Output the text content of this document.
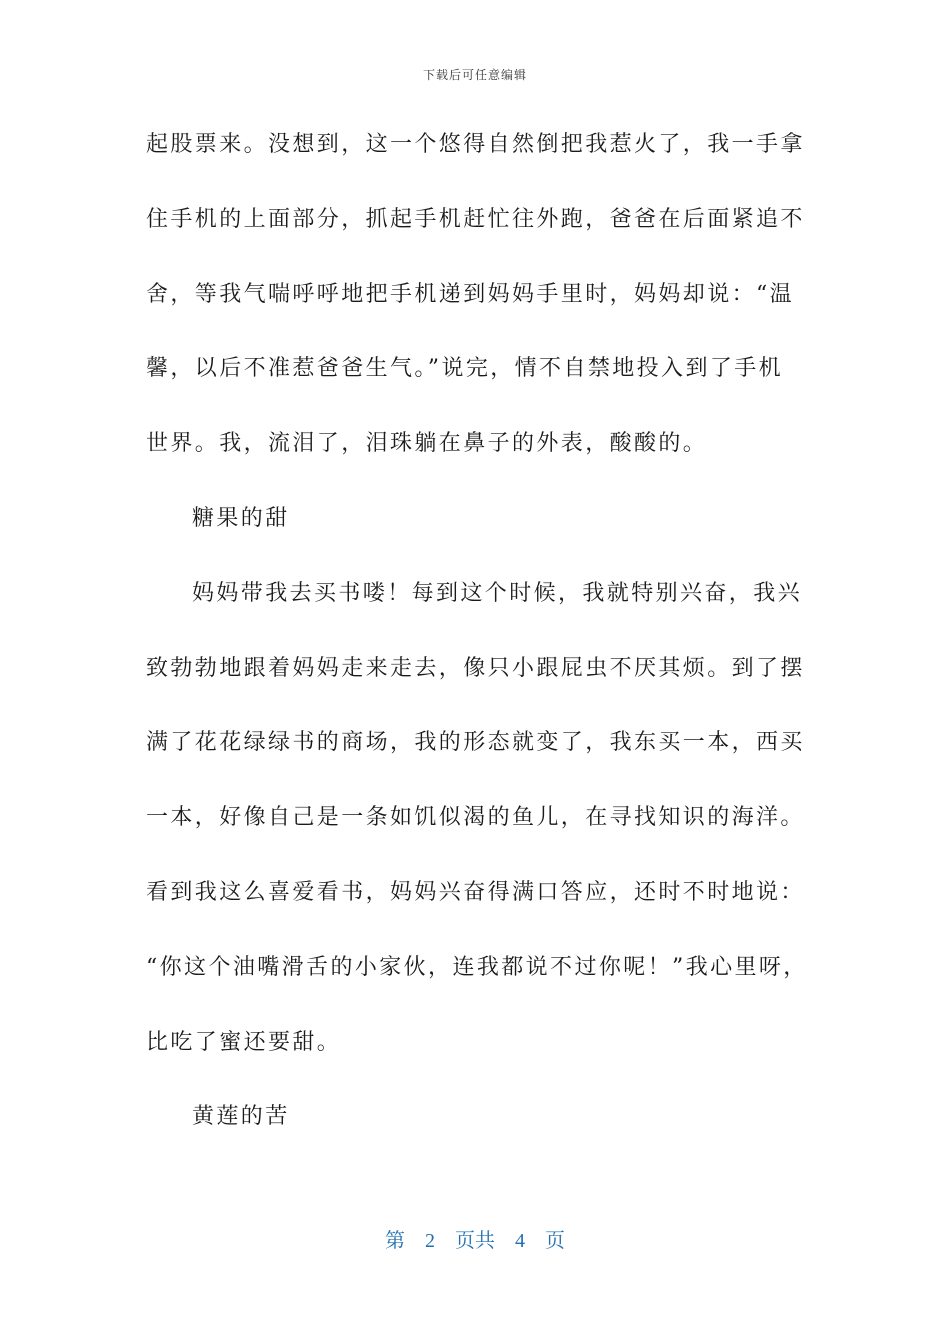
下载后可任意编辑
起股票来。没想到，这一个悠得自然倒把我惹火了，我一手拿
住手机的上面部分，抓起手机赶忙往外跑，爸爸在后面紧追不
舍，等我气喘呼呼地把手机递到妈妈手里时，妈妈却说：“温
馨，以后不准惹爸爸生气。”说完，情不自禁地投入到了手机
世界。我，流泪了，泪珠躺在鼻子的外表，酸酸的。
糖果的甜
妈妈带我去买书喽！每到这个时候，我就特别兴奋，我兴
致勃勃地跟着妈妈走来走去，像只小跟屁虫不厌其烦。到了摆
满了花花绿绿书的商场，我的形态就变了，我东买一本，西买
一本，好像自己是一条如饥似渴的鱼儿，在寻找知识的海洋。
看到我这么喜爱看书，妈妈兴奋得满口答应，还时不时地说：
“你这个油嘴滑舌的小家伙，连我都说不过你呢！”我心里呀，
比吃了蜜还要甜。
黄莲的苦
第 2 页共 4 页
